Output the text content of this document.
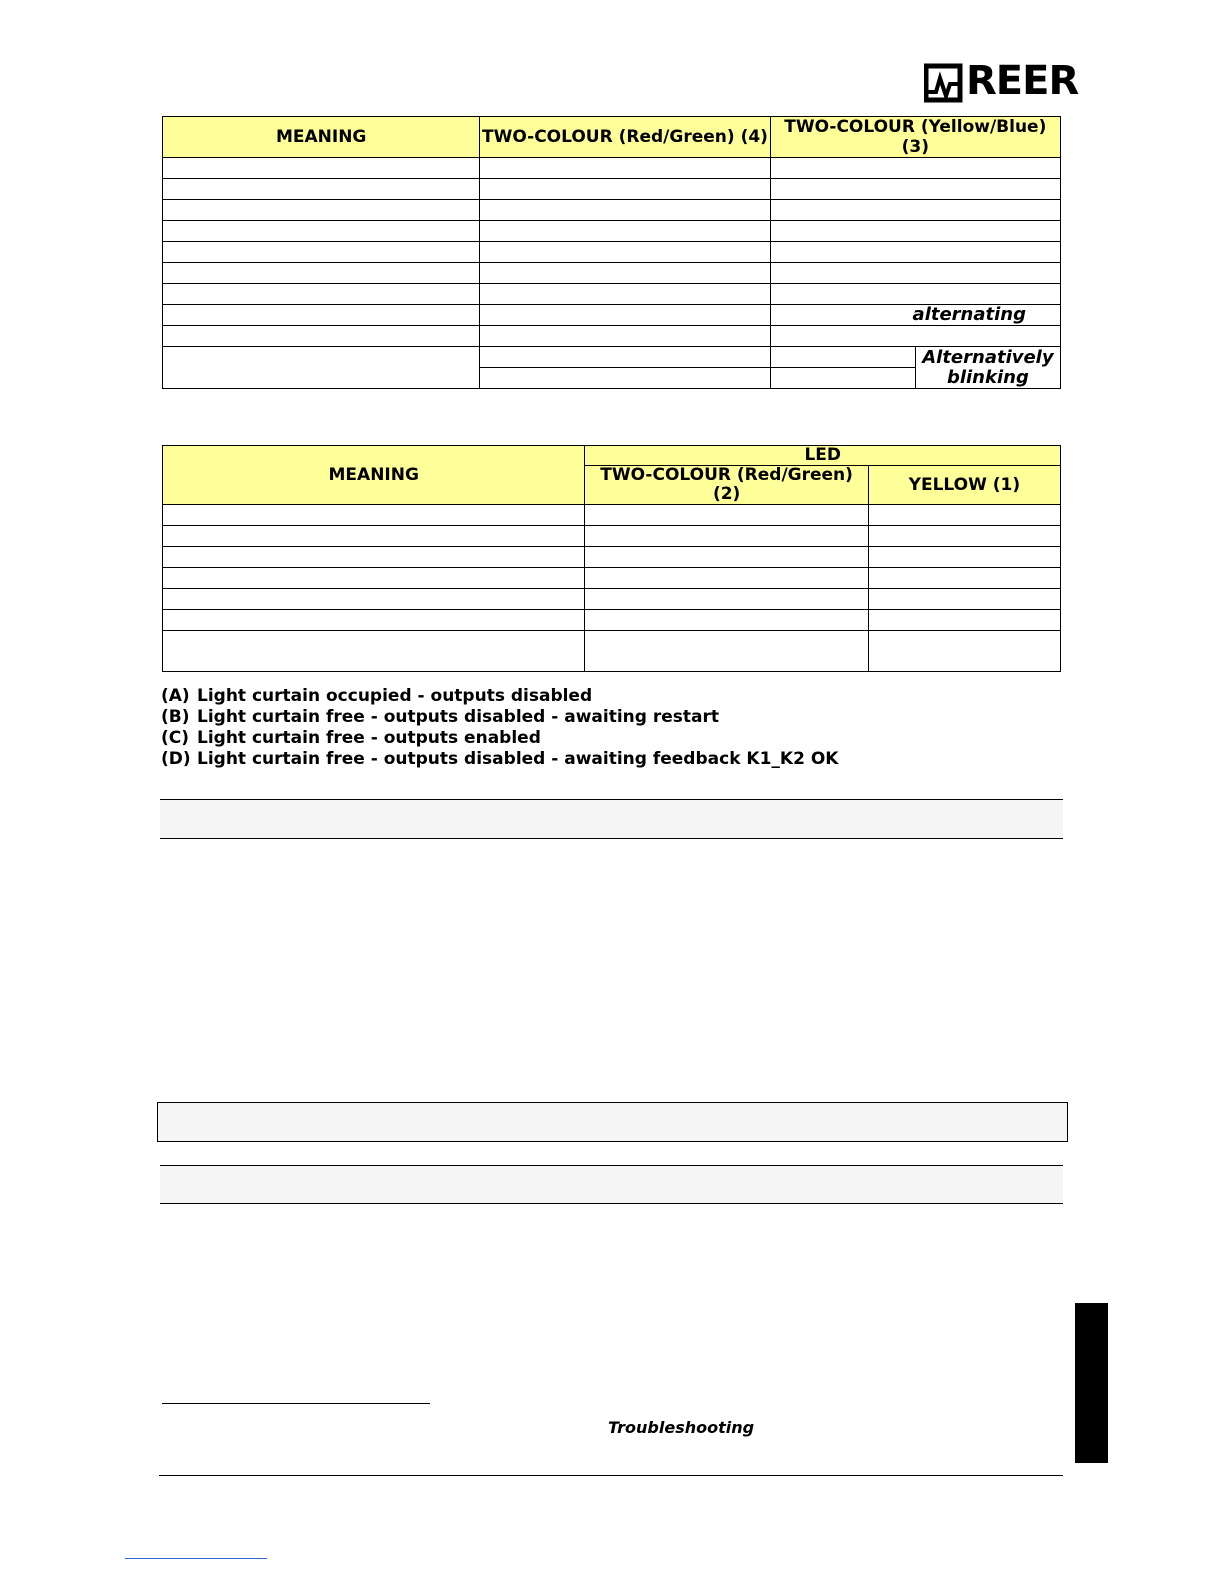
REER
MEANING	TWO-COLOUR (Red/Green) (4)	TWO-COLOUR (Yellow/Blue) (3)	

		alternating	

			Alternatively blinking

MEANING	LED	
	TWO-COLOUR (Red/Green) (2)	YELLOW (1)

(A) Light curtain occupied - outputs disabled
(B) Light curtain free - outputs disabled - awaiting restart
(C) Light curtain free - outputs enabled
(D) Light curtain free - outputs disabled - awaiting feedback K1_K2 OK
Troubleshooting
